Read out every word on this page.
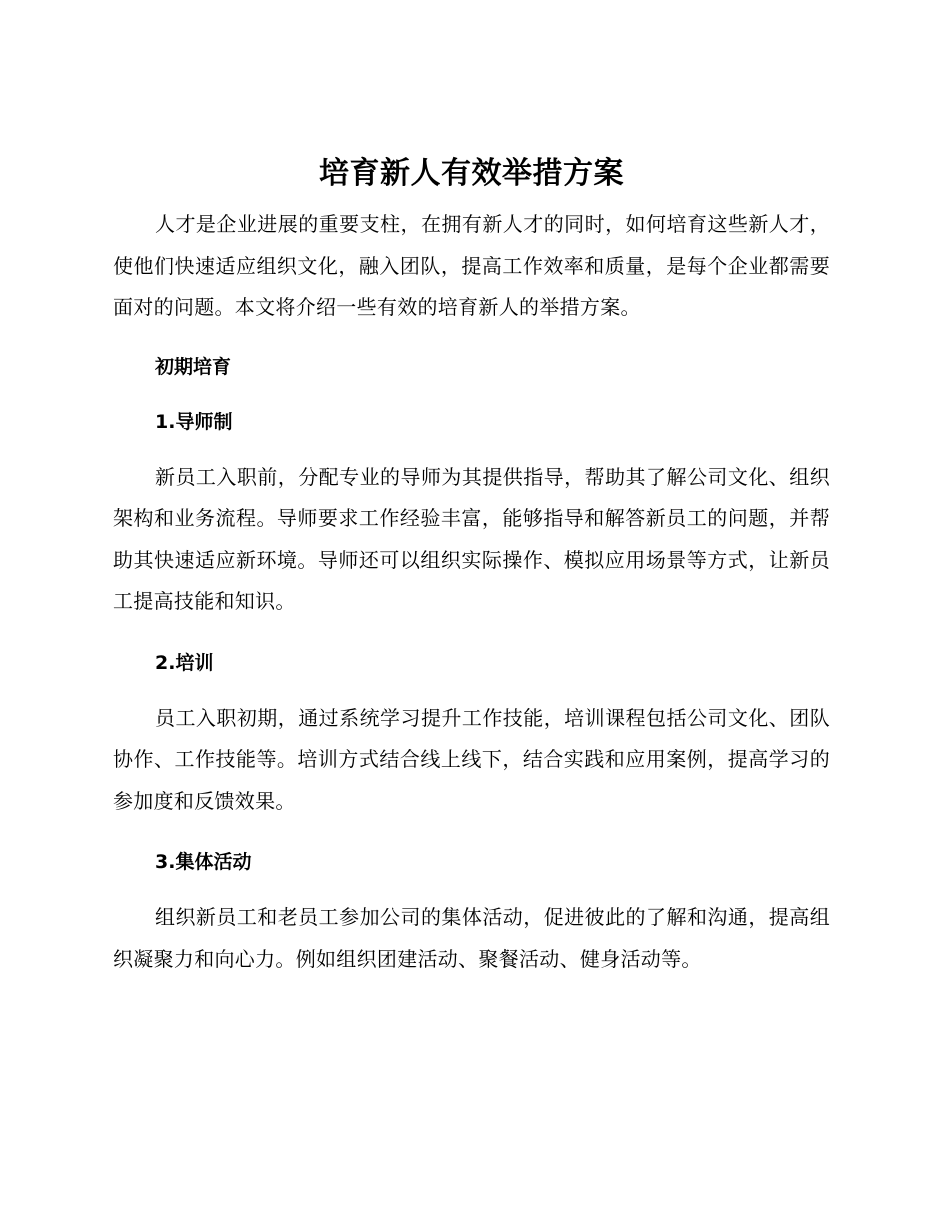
培育新人有效举措方案

人才是企业进展的重要支柱，在拥有新人才的同时，如何培育这些新人才，使他们快速适应组织文化，融入团队，提高工作效率和质量，是每个企业都需要面对的问题。本文将介绍一些有效的培育新人的举措方案。

初期培育
1.导师制

新员工入职前，分配专业的导师为其提供指导，帮助其了解公司文化、组织架构和业务流程。导师要求工作经验丰富，能够指导和解答新员工的问题，并帮助其快速适应新环境。导师还可以组织实际操作、模拟应用场景等方式，让新员工提高技能和知识。

2.培训

员工入职初期，通过系统学习提升工作技能，培训课程包括公司文化、团队协作、工作技能等。培训方式结合线上线下，结合实践和应用案例，提高学习的参加度和反馈效果。

3.集体活动

组织新员工和老员工参加公司的集体活动，促进彼此的了解和沟通，提高组织凝聚力和向心力。例如组织团建活动、聚餐活动、健身活动等。
